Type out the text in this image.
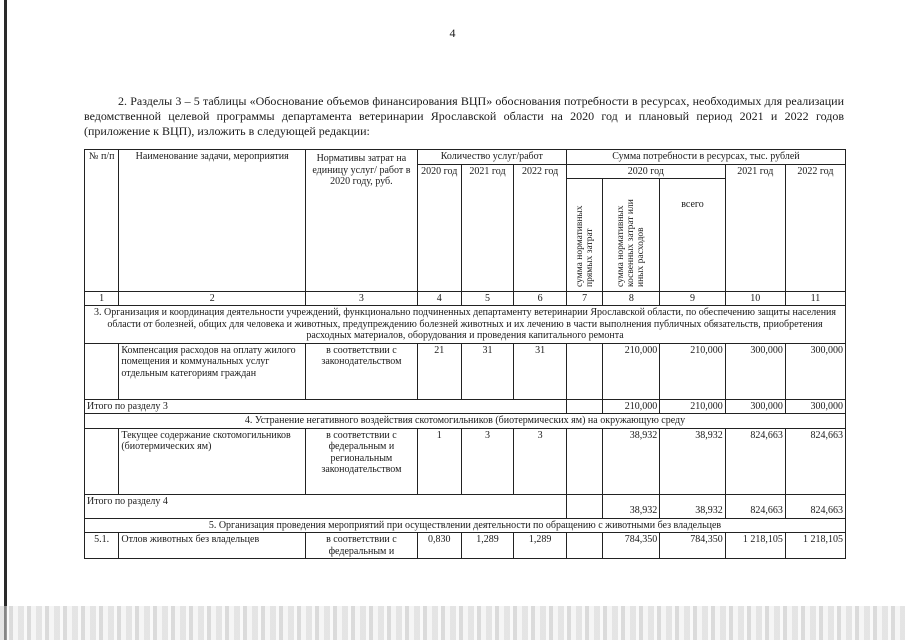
4

2. Разделы 3 – 5 таблицы «Обоснование объемов финансирования ВЦП» обоснования потребности в ресурсах, необходимых для реализации ведомственной целевой программы департамента ветеринарии Ярославской области на 2020 год и плановый период 2021 и 2022 годов (приложение к ВЦП), изложить в следующей редакции:

№ п/п	Наименование задачи, мероприятия	Нормативы затрат на единицу услуг/ работ в 2020 году, руб.	Количество услуг/работ			Сумма потребности в ресурсах, тыс. рублей				
			2020 год	2021 год	2022 год	2020 год			2021 год	2022 год
						сумма нормативных прямых затрат	сумма нормативных косвенных затрат или иных расходов	всего		
1	2	3	4	5	6	7	8	9	10	11
3. Организация и координация деятельности учреждений, функционально подчиненных департаменту ветеринарии Ярославской области, по обеспечению защиты населения области от болезней, общих для человека и животных, предупреждению болезней животных и их лечению в части выполнения публичных обязательств, приобретения расходных материалов, оборудования и проведения капитального ремонта										
	Компенсация расходов на оплату жилого помещения и коммунальных услуг отдельным категориям граждан	в соответствии с законодательством	21	31	31		210,000	210,000	300,000	300,000
Итого по разделу 3							210,000	210,000	300,000	300,000
4. Устранение негативного воздействия скотомогильников (биотермических ям) на окружающую среду										
	Текущее содержание скотомогильников (биотермических ям)	в соответствии с федеральным и региональным законодательством	1	3	3		38,932	38,932	824,663	824,663
Итого по разделу 4							38,932	38,932	824,663	824,663
5. Организация проведения мероприятий при осуществлении деятельности по обращению с животными без владельцев										
5.1.	Отлов животных без владельцев	в соответствии с федеральным и	0,830	1,289	1,289		784,350	784,350	1 218,105	1 218,105
